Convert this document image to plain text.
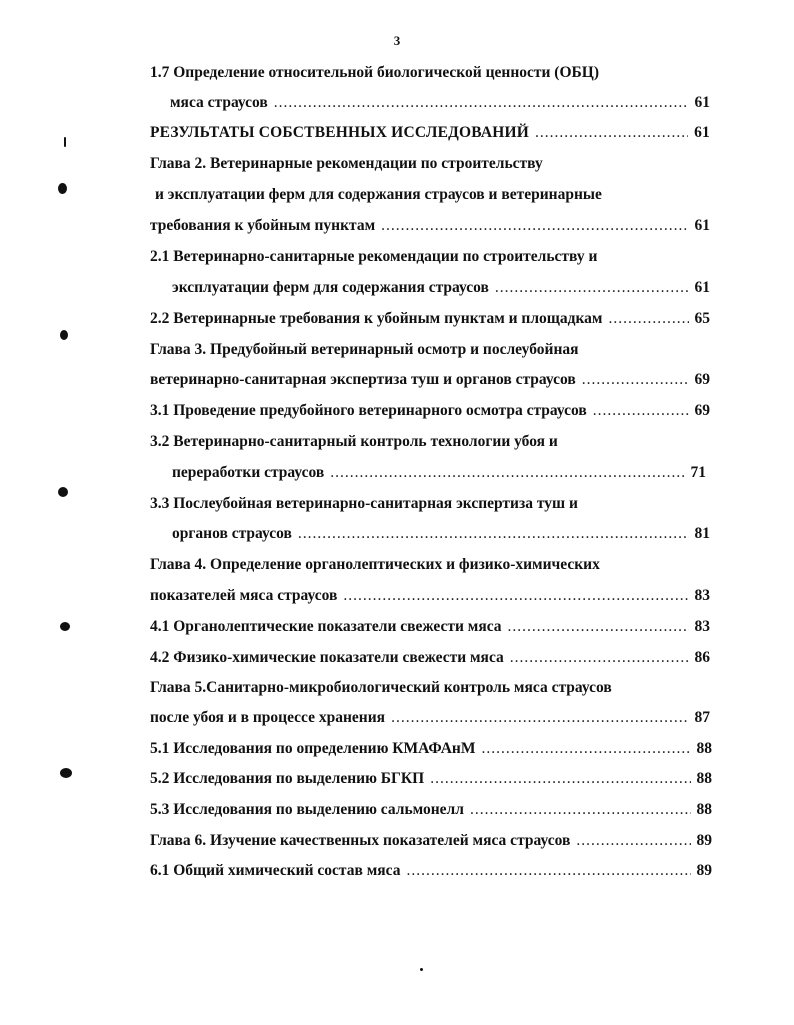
3
1.7 Определение относительной биологической ценности (ОБЦ)
мяса страусов .....	61
РЕЗУЛЬТАТЫ СОБСТВЕННЫХ ИССЛЕДОВАНИЙ .....	61
Глава 2. Ветеринарные рекомендации по строительству
и эксплуатации ферм для содержания страусов и ветеринарные
требования к убойным пунктам .....	61
2.1 Ветеринарно-санитарные рекомендации по строительству и
эксплуатации ферм для содержания страусов .....	61
2.2 Ветеринарные требования к убойным пунктам и площадкам .....	65
Глава 3. Предубойный ветеринарный осмотр и послеубойная
ветеринарно-санитарная экспертиза туш и органов страусов .....	69
3.1 Проведение предубойного ветеринарного осмотра страусов .....	69
3.2 Ветеринарно-санитарный контроль технологии убоя и
переработки страусов .....	71
3.3 Послеубойная ветеринарно-санитарная экспертиза туш и
органов страусов .....	81
Глава 4. Определение органолептических и физико-химических
показателей мяса страусов .....	83
4.1 Органолептические показатели свежести мяса .....	83
4.2 Физико-химические показатели свежести мяса .....	86
Глава 5.Санитарно-микробиологический контроль мяса страусов
после убоя и в процессе хранения .....	87
5.1 Исследования по определению КМАФАнМ .....	88
5.2 Исследования по выделению БГКП .....	88
5.3 Исследования по выделению сальмонелл .....	88
Глава 6. Изучение качественных показателей мяса страусов .....	89
6.1 Общий химический состав мяса .....	89
